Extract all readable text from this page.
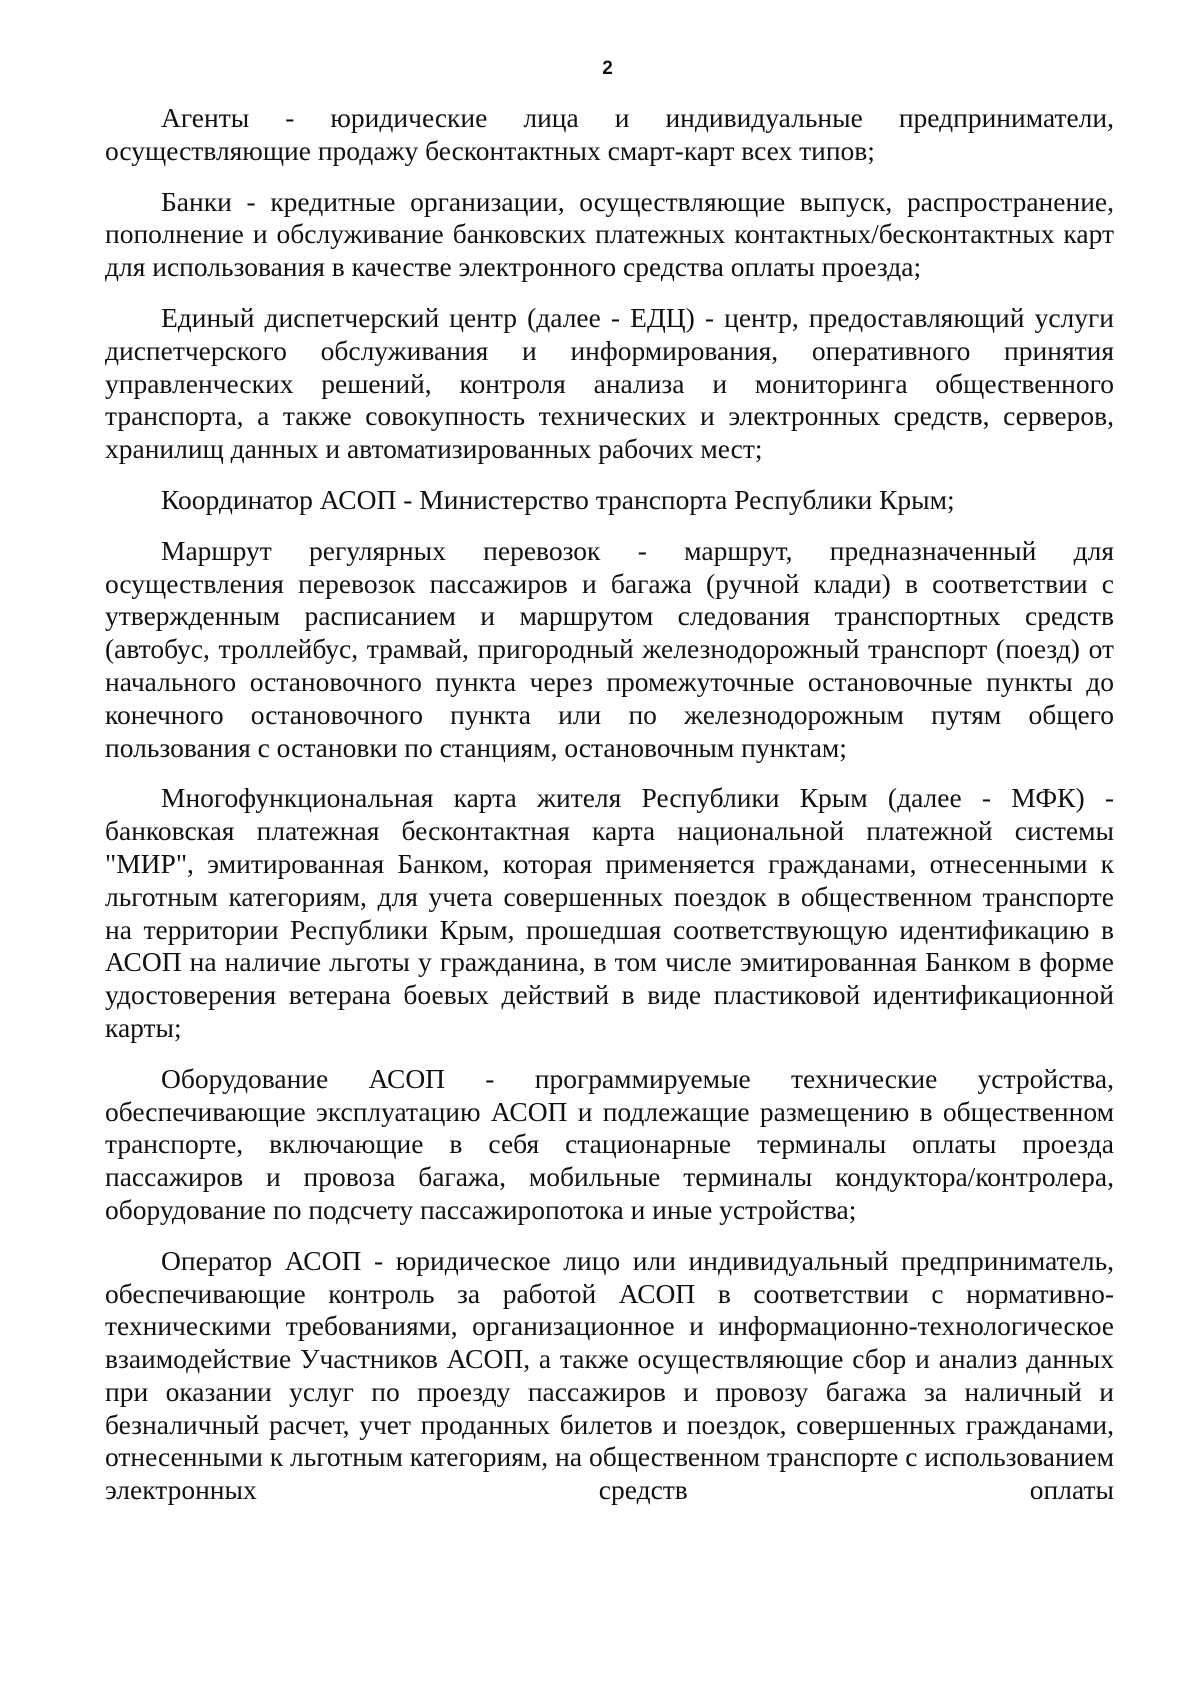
2

Агенты - юридические лица и индивидуальные предприниматели, осуществляющие продажу бесконтактных смарт-карт всех типов;

Банки - кредитные организации, осуществляющие выпуск, распространение, пополнение и обслуживание банковских платежных контактных/бесконтактных карт для использования в качестве электронного средства оплаты проезда;

Единый диспетчерский центр (далее - ЕДЦ) - центр, предоставляющий услуги диспетчерского обслуживания и информирования, оперативного принятия управленческих решений, контроля анализа и мониторинга общественного транспорта, а также совокупность технических и электронных средств, серверов, хранилищ данных и автоматизированных рабочих мест;

Координатор АСОП - Министерство транспорта Республики Крым;

Маршрут регулярных перевозок - маршрут, предназначенный для осуществления перевозок пассажиров и багажа (ручной клади) в соответствии с утвержденным расписанием и маршрутом следования транспортных средств (автобус, троллейбус, трамвай, пригородный железнодорожный транспорт (поезд) от начального остановочного пункта через промежуточные остановочные пункты до конечного остановочного пункта или по железнодорожным путям общего пользования с остановки по станциям, остановочным пунктам;

Многофункциональная карта жителя Республики Крым (далее - МФК) - банковская платежная бесконтактная карта национальной платежной системы "МИР", эмитированная Банком, которая применяется гражданами, отнесенными к льготным категориям, для учета совершенных поездок в общественном транспорте на территории Республики Крым, прошедшая соответствующую идентификацию в АСОП на наличие льготы у гражданина, в том числе эмитированная Банком в форме удостоверения ветерана боевых действий в виде пластиковой идентификационной карты;

Оборудование АСОП - программируемые технические устройства, обеспечивающие эксплуатацию АСОП и подлежащие размещению в общественном транспорте, включающие в себя стационарные терминалы оплаты проезда пассажиров и провоза багажа, мобильные терминалы кондуктора/контролера, оборудование по подсчету пассажиропотока и иные устройства;

Оператор АСОП - юридическое лицо или индивидуальный предприниматель, обеспечивающие контроль за работой АСОП в соответствии с нормативно-техническими требованиями, организационное и информационно-технологическое взаимодействие Участников АСОП, а также осуществляющие сбор и анализ данных при оказании услуг по проезду пассажиров и провозу багажа за наличный и безналичный расчет, учет проданных билетов и поездок, совершенных гражданами, отнесенными к льготным категориям, на общественном транспорте с использованием электронных средств оплаты
